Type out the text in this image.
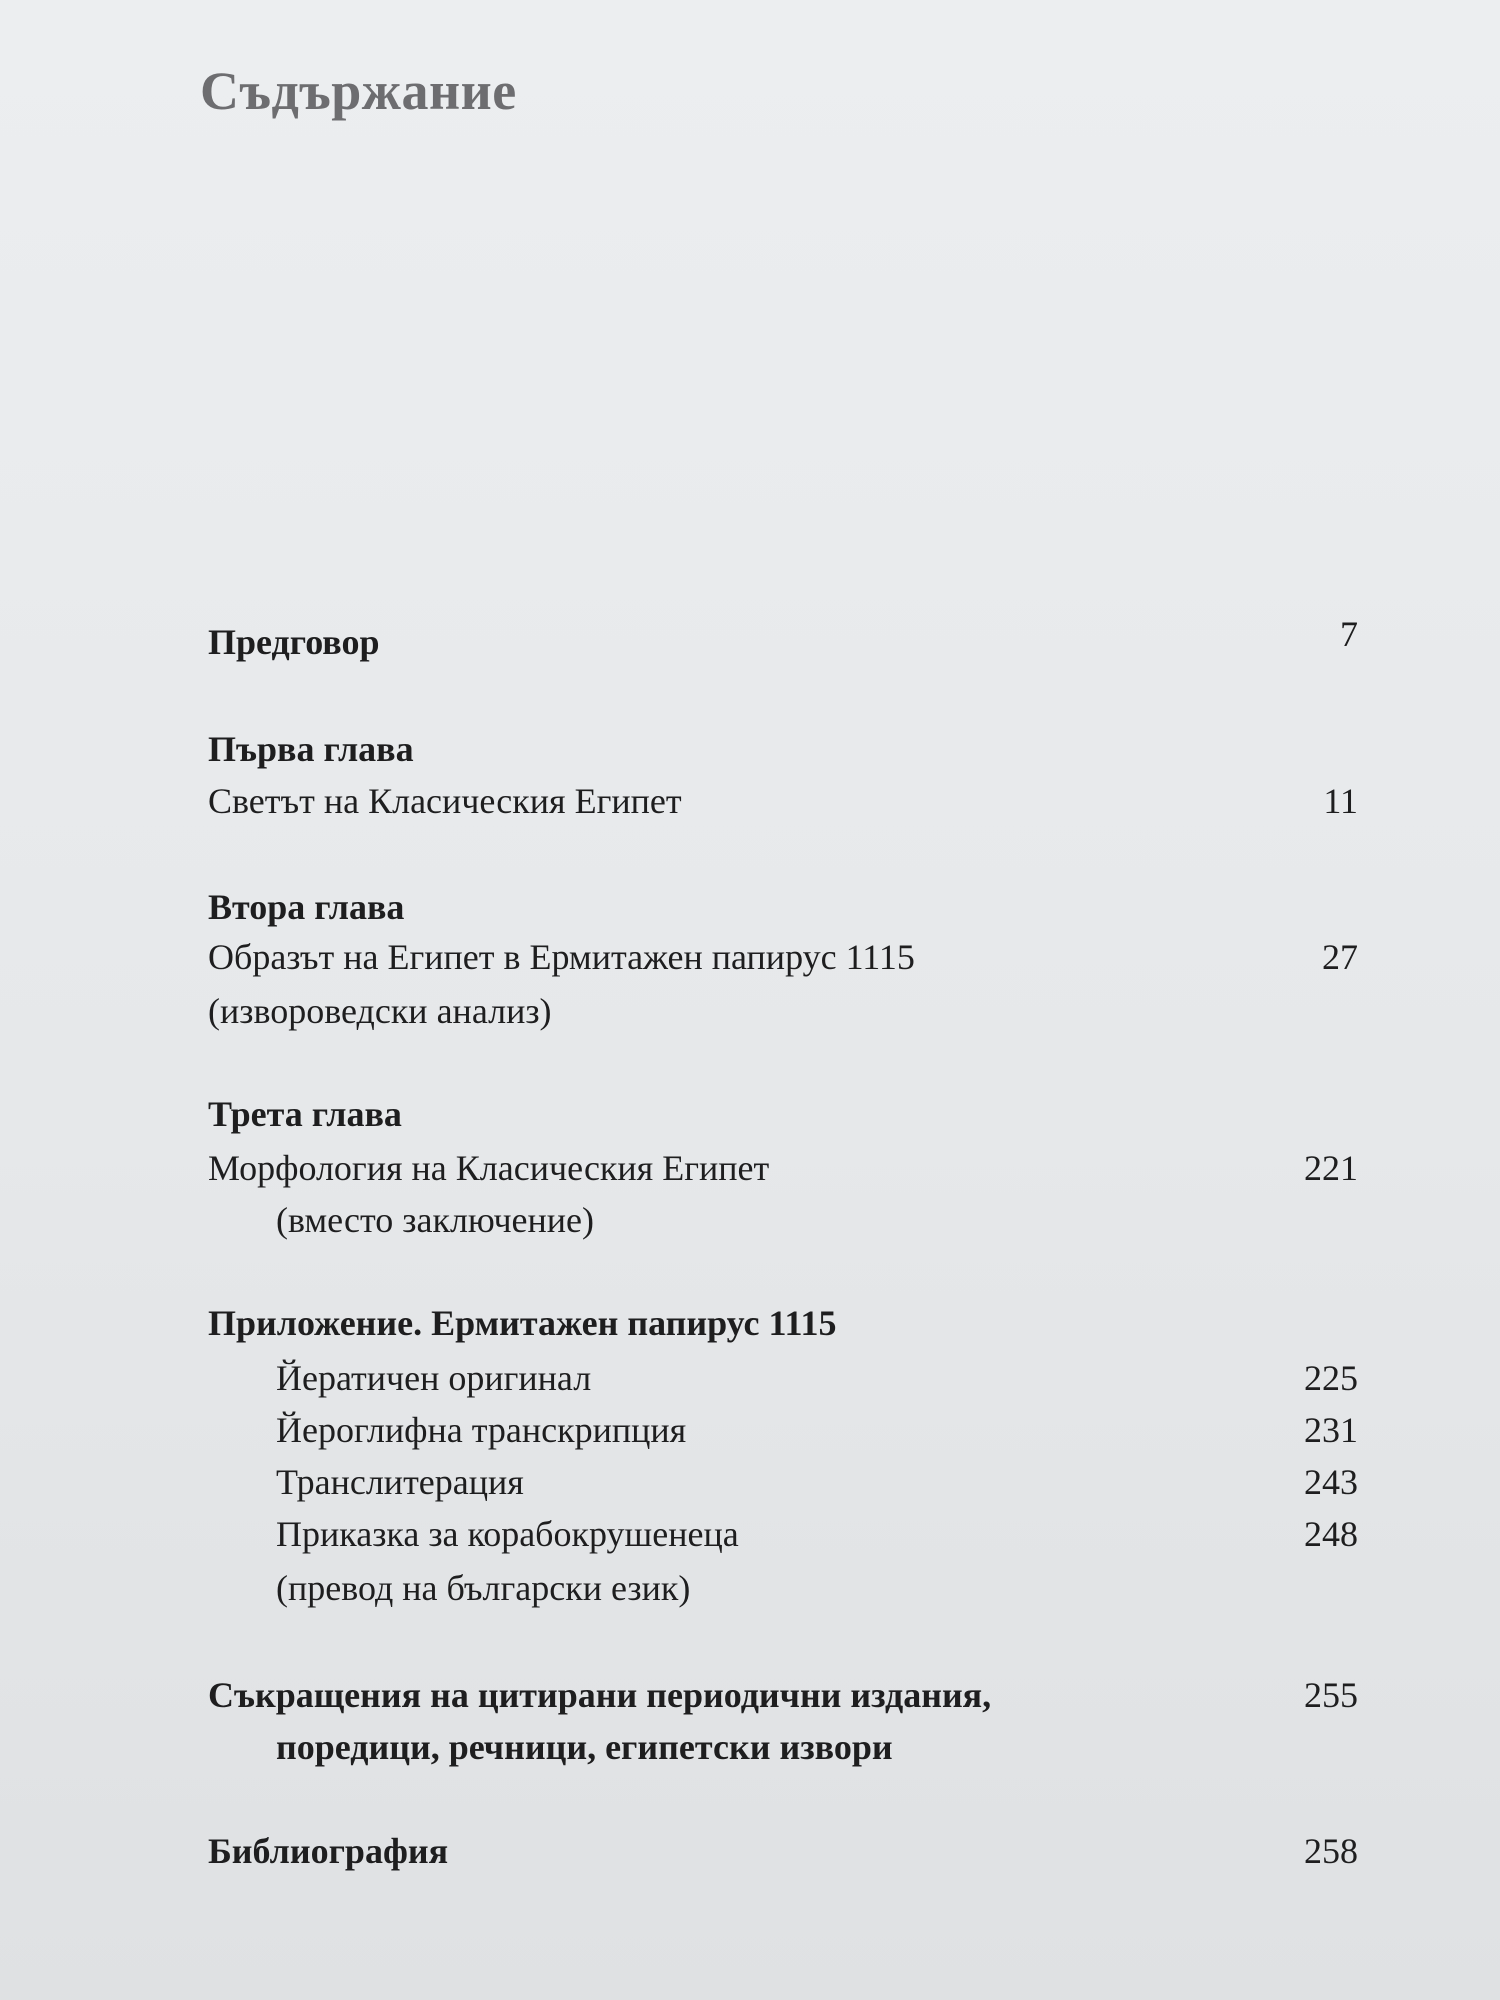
Съдържание
Предговор	7
Първа глава
Светът на Класическия Египет	11
Втора глава
Образът на Египет в Ермитажен папирус 1115	27
(извороведски анализ)
Трета глава
Морфология на Класическия Египет	221
(вместо заключение)
Приложение. Ермитажен папирус 1115
Йератичен оригинал	225
Йероглифна транскрипция	231
Транслитерация	243
Приказка за корабокрушенеца	248
(превод на български език)
Съкращения на цитирани периодични издания,	255
поредици, речници, египетски извори
Библиография	258
